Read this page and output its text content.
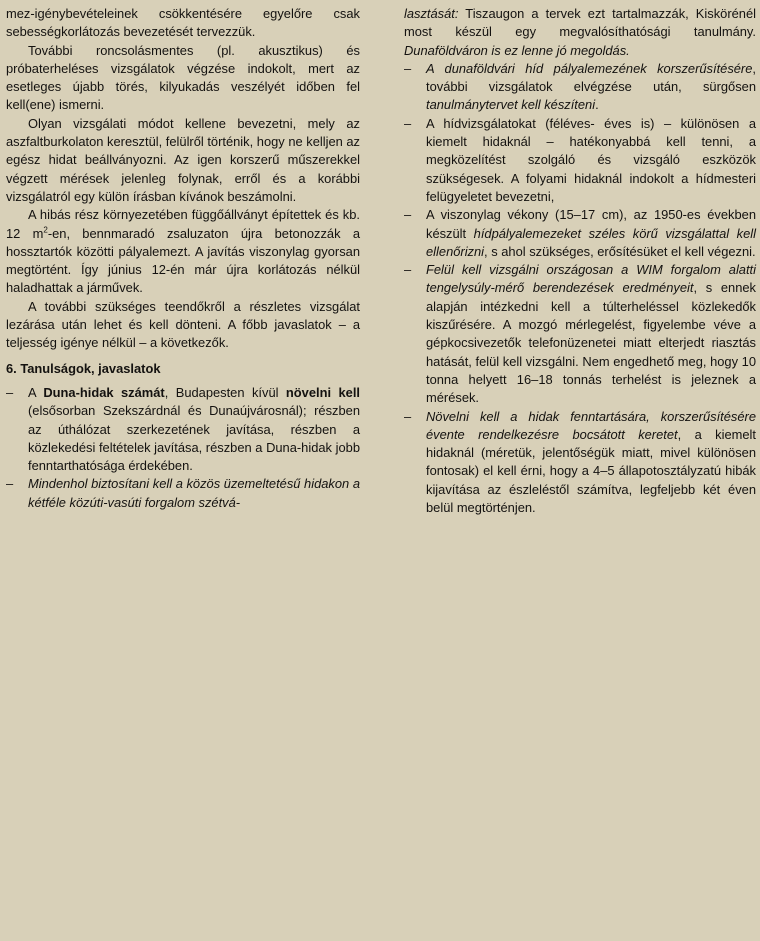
mez-igénybevételeinek csökkentésére egyelőre csak sebességkorlátozás bevezetését tervezzük.

További roncsolásmentes (pl. akusztikus) és próbaterheléses vizsgálatok végzése indokolt, mert az esetleges újabb törés, kilyukadás veszélyét időben fel kell(ene) ismerni.

Olyan vizsgálati módot kellene bevezetni, mely az aszfaltburkolaton keresztül, felülről történik, hogy ne kelljen az egész hidat beállványozni. Az igen korszerű műszerekkel végzett mérések jelenleg folynak, erről és a korábbi vizsgálatról egy külön írásban kívánok beszámolni.

A hibás rész környezetében függőállványt építettek és kb. 12 $m^2-en$, bennmaradó zsaluzaton újra betonozzák a hossztartók közötti pályalemezt. A javítás viszonylag gyorsan megtörtént. Így június 12-én már újra korlátozás nélkül haladhattak a járművek.

A további szükséges teendőkről a részletes vizsgálat lezárása után lehet és kell dönteni. A főbb javaslatok – a teljesség igénye nélkül – a következők.

6. Tanulságok, javaslatok

– A Duna-hidak számát, Budapesten kívül növelni kell (elsősorban Szekszárdnál és Dunaújvárosnál); részben az úthálózat szerkezetének javítása, részben a közlekedési feltételek javítása, részben a Duna-hidak jobb fenntarthatósága érdekében.

– Mindenhol biztosítani kell a közös üzemeltetésű hidakon a kétféle közúti-vasúti forgalom szétvá-

lasztását: Tiszaugon a tervek ezt tartalmazzák, Kiskörénél most készül egy megvalósíthatósági tanulmány. Dunaföldváron is ez lenne jó megoldás.

– A dunaföldvári híd pályalemezének korszerűsítésére, további vizsgálatok elvégzése után, sürgősen tanulmánytervet kell készíteni.

– A hídvizsgálatokat (féléves- éves is) – különösen a kiemelt hidaknál – hatékonyabbá kell tenni, a megközelítést szolgáló és vizsgáló eszközök szükségesek. A folyami hidaknál indokolt a hídmesteri felügyeletet bevezetni,

– A viszonylag vékony (15–17 cm), az 1950-es években készült hídpályalemezeket széles körű vizsgálattal kell ellenőrizni, s ahol szükséges, erősítésüket el kell végezni.

– Felül kell vizsgálni országosan a WIM forgalom alatti tengelysúly-mérő berendezések eredményeit, s ennek alapján intézkedni kell a túlterheléssel közlekedők kiszűrésére. A mozgó mérlegelést, figyelembe véve a gépkocsivezetők telefonüzenetei miatt elterjedt riasztás hatását, felül kell vizsgálni. Nem engedhető meg, hogy 10 tonna helyett 16–18 tonnás terhelést is jeleznek a mérések.

– Növelni kell a hidak fenntartására, korszerűsítésére évente rendelkezésre bocsátott keretet, a kiemelt hidaknál (méretük, jelentőségük miatt, mivel különösen fontosak) el kell érni, hogy a 4–5 állapotosztályzatú hibák kijavítása az észleléstől számítva, legfeljebb két éven belül megtörténjen.
